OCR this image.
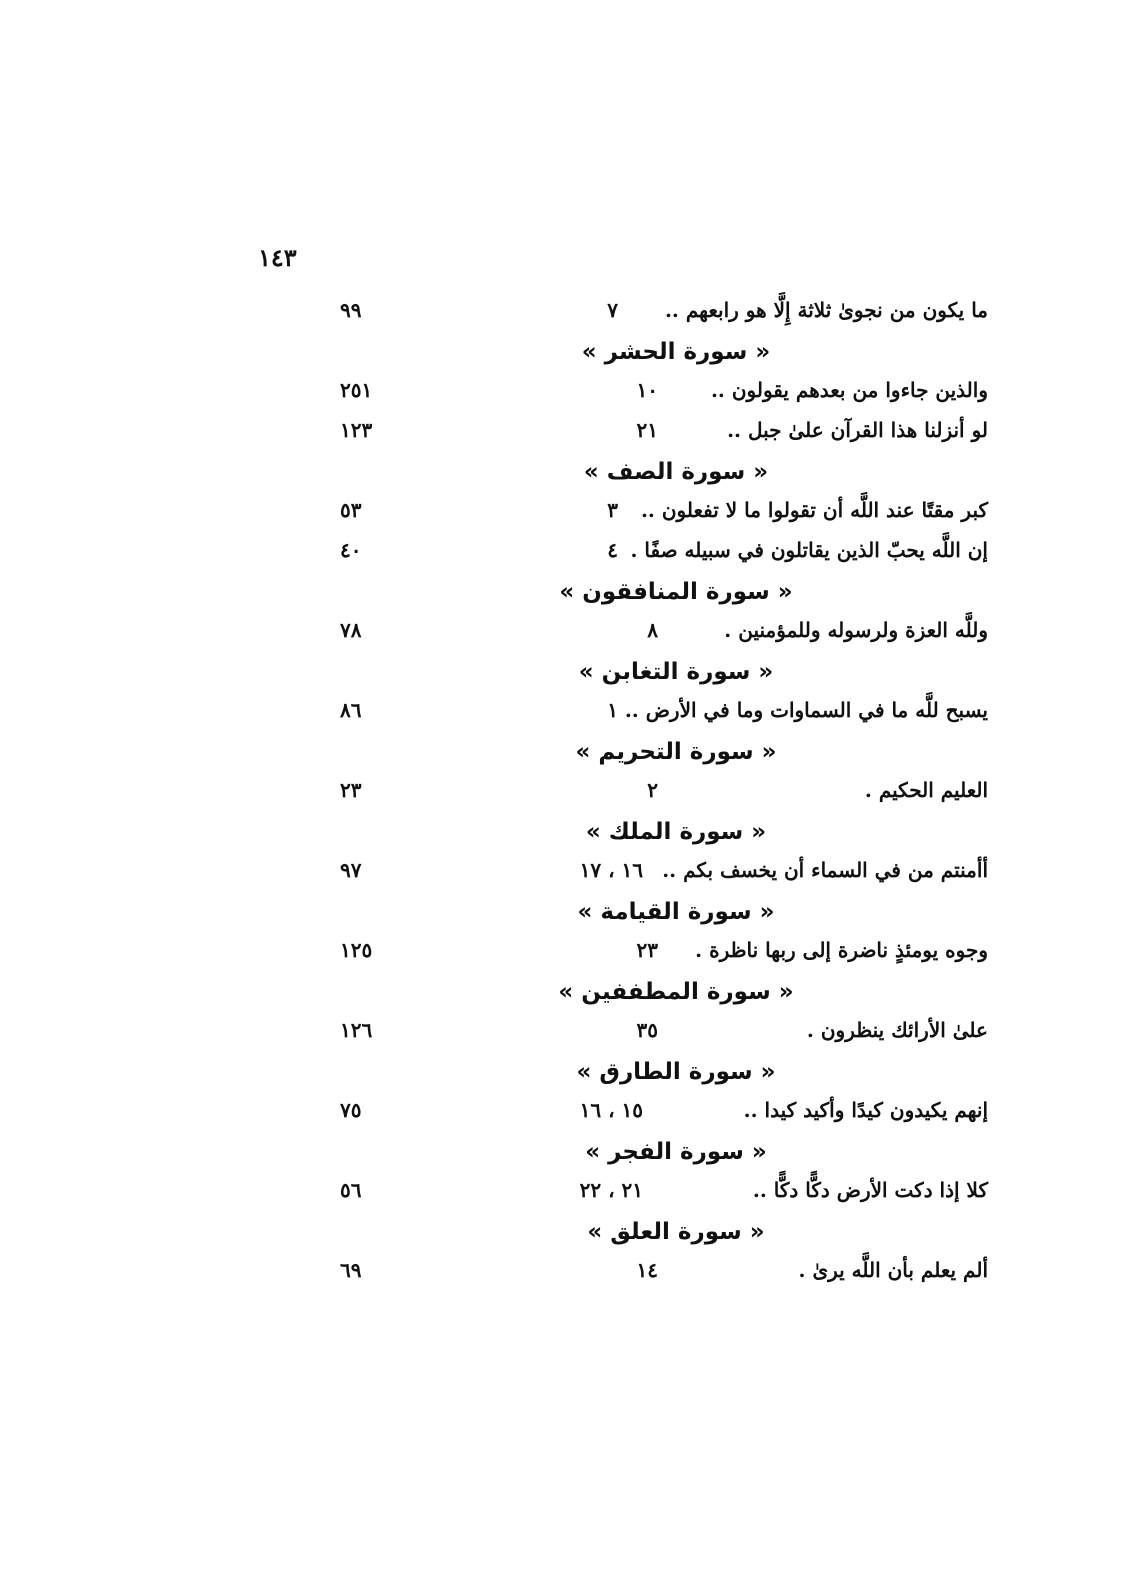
١٤٣
ما يكون من نجوىٰ ثلاثة إِلَّا هو رابعهم ..
٧
٩٩
« سورة الحشر »
والذين جاءوا من بعدهم يقولون ..
١٠
٢٥١
لو أنزلنا هذا القرآن علىٰ جبل ..
٢١
١٢٣
« سورة الصف »
كبر مقتًا عند اللَّه أن تقولوا ما لا تفعلون ..
٣
٥٣
إن اللَّه يحبّ الذين يقاتلون في سبيله صفًا .
٤
٤٠
« سورة المنافقون »
وللَّه العزة ولرسوله وللمؤمنين .
٨
٧٨
« سورة التغابن »
يسبح للَّه ما في السماوات وما في الأرض ..
١
٨٦
« سورة التحريم »
العليم الحكيم .
٢
٢٣
« سورة الملك »
أأمنتم من في السماء أن يخسف بكم ..
١٦ ، ١٧
٩٧
« سورة القيامة »
وجوه يومئذٍ ناضرة إلى ربها ناظرة .
٢٣
١٢٥
« سورة المطففين »
علىٰ الأرائك ينظرون .
٣٥
١٢٦
« سورة الطارق »
إنهم يكيدون كيدًا وأكيد كيدا ..
١٥ ، ١٦
٧٥
« سورة الفجر »
كلا إذا دكت الأرض دكًّا دكًّا ..
٢١ ، ٢٢
٥٦
« سورة العلق »
ألم يعلم بأن اللَّه يرىٰ .
١٤
٦٩
